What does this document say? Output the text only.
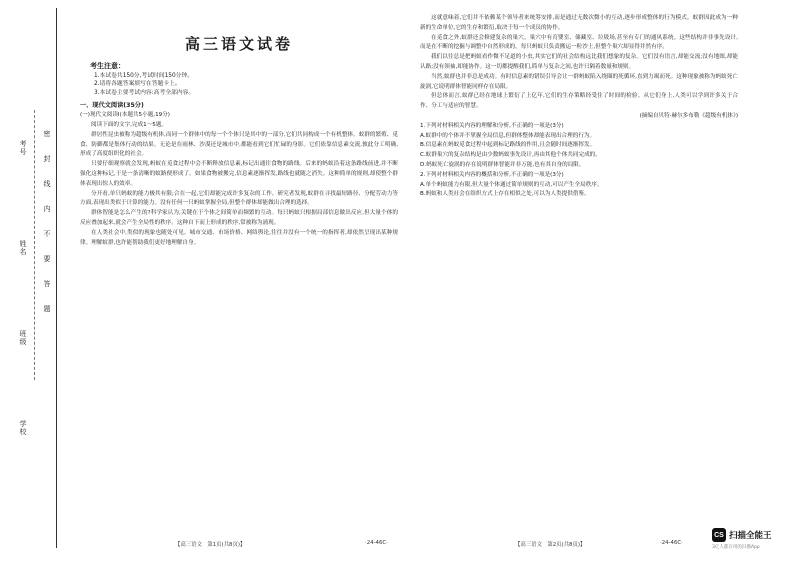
考号
姓名
班级
学校
密封线内不要答题
高三语文试卷
考生注意：
1.本试卷共150分,考试时间150分钟。
2.请将各题答案填写在答题卡上。
3.本试卷主要考试内容:高考全部内容。
一、现代文阅读(35分)
(一)现代文阅读Ⅰ(本题共5小题,19分)

阅读下面的文字,完成1～5题。

群居性昆虫被称为超级有机体,而同一个群体中的每一个个体只是其中的一部分,它们共同构成一个有机整体。蚁群的繁殖、觅食、防御都是集体行动的结果。无论是在雨林、沙漠还是城市中,都能看到它们忙碌的身影。它们依靠信息素交流,彼此分工明确,形成了高度组织化的社会。

只要仔细观察就会发现,蚂蚁在觅食过程中会不断释放信息素,标记出通往食物的路线。后来的蚂蚁沿着这条路线前进,并不断强化这种标记,于是一条清晰的蚁路便形成了。如果食物被搬完,信息素逐渐挥发,路线也就随之消失。这种简单的规则,却使整个群体表现出惊人的效率。

分开看,单只蚂蚁的能力极其有限;合在一起,它们却能完成许多复杂的工作。研究者发现,蚁群在寻找最短路径、分配劳动力等方面,表现出类似于计算的能力。没有任何一只蚂蚁掌握全局,但整个群体却能做出合理的选择。

群体智能是怎么产生的?科学家认为,关键在于个体之间简单而频繁的互动。每只蚂蚁只根据局部信息做出反应,但大量个体的反应叠加起来,就会产生全局性的秩序。这种自下而上形成的秩序,常被称为涌现。

在人类社会中,类似的现象也随处可见。城市交通、市场价格、网络舆论,往往并没有一个统一的指挥者,却依然呈现出某种规律。理解蚁群,也许能帮助我们更好地理解自身。

【高三语文　第1页(共8页)】	·24-46C·

这就意味着,它们并不依赖某个领导者来统筹安排,而是通过无数次微小的互动,逐步形成整体的行为模式。蚁群因此成为一种新的生命单位,它的生存和繁衍,取决于每一个成员的协作。

在觅食之外,蚁群还会修建复杂的巢穴。巢穴中有育婴室、储藏室、垃圾场,甚至有专门的通风系统。这些结构并非事先设计,而是在不断的挖掘与调整中自然形成的。每只蚂蚁只负责搬运一粒沙土,但整个巢穴却显得井然有序。

我们以往总是把蚂蚁看作微不足道的小虫,其实它们的社会结构远比我们想象的复杂。它们没有语言,却能交流;没有地图,却能认路;没有领袖,却能协作。这一切都提醒我们,简单与复杂之间,也许只隔着数量和规则。

当然,蚁群也并非总是成功。有时信息素的错误引导会让一群蚂蚁陷入绕圈的死循环,直到力竭而死。这种现象被称为蚂蚁死亡旋涡,它说明群体智能同样存在局限。

但总体而言,蚁群已经在地球上繁衍了上亿年,它们的生存策略经受住了时间的检验。从它们身上,人类可以学到许多关于合作、分工与适应的智慧。

(摘编自贝特·赫尔多布勒《超级有机体》)
1.下列对材料相关内容的理解和分析,不正确的一项是(3分)

A.蚁群中的个体并不掌握全局信息,但群体整体却能表现出合理的行为。

B.信息素在蚂蚁觅食过程中起到标记路线的作用,且会随时间逐渐挥发。

C.蚁群巢穴的复杂结构是由少数蚂蚁事先设计,再由其他个体共同完成的。

D.蚂蚁死亡旋涡的存在说明群体智能并非万能,也有其自身的局限。

2.下列对材料相关内容的概括和分析,不正确的一项是(3分)

A.单个蚂蚁能力有限,但大量个体通过简单规则的互动,可以产生全局秩序。

B.蚂蚁和人类社会在组织方式上存在相似之处,可以为人类提供借鉴。

【高三语文　第2页(共8页)】	·24-46C·
CS 扫描全能王
3亿人都在用的扫描App
